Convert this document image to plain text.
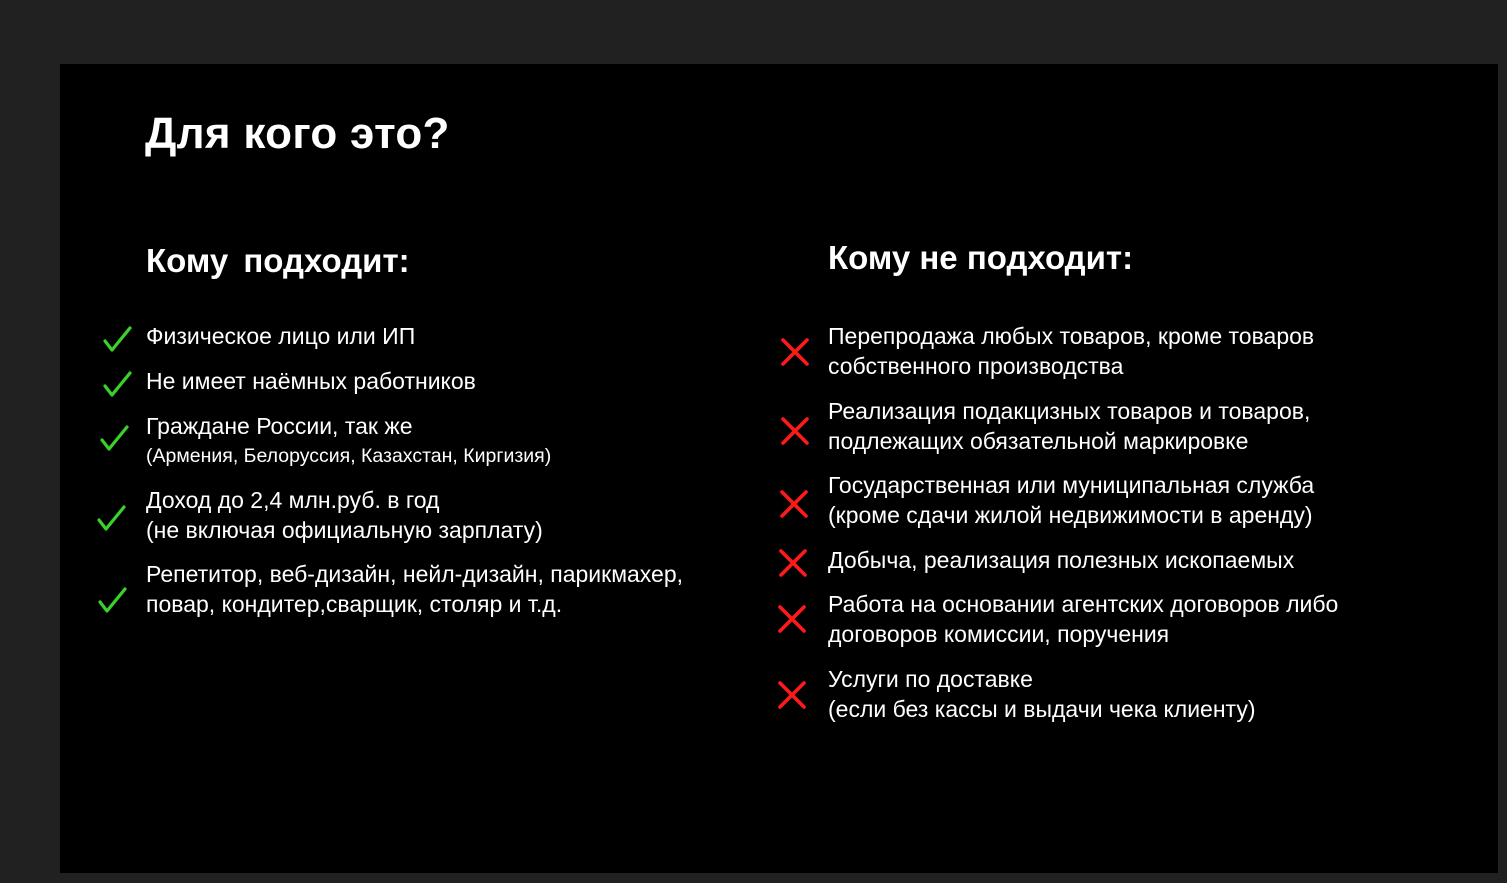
Для кого это?
Кому подходит:
Физическое лицо или ИП
Не имеет наёмных работников
Граждане России, так же
(Армения, Белоруссия, Казахстан, Киргизия)
Доход до 2,4 млн.руб. в год
(не включая официальную зарплату)
Репетитор, веб-дизайн, нейл-дизайн, парикмахер, повар, кондитер,сварщик, столяр и т.д.
Кому не подходит:
Перепродажа любых товаров, кроме товаров
собственного производства
Реализация подакцизных товаров и товаров,
подлежащих обязательной маркировке
Государственная или муниципальная служба
(кроме сдачи жилой недвижимости в аренду)
Добыча, реализация полезных ископаемых
Работа на основании агентских договоров либо
договоров комиссии, поручения
Услуги по доставке
(если без кассы и выдачи чека клиенту)
